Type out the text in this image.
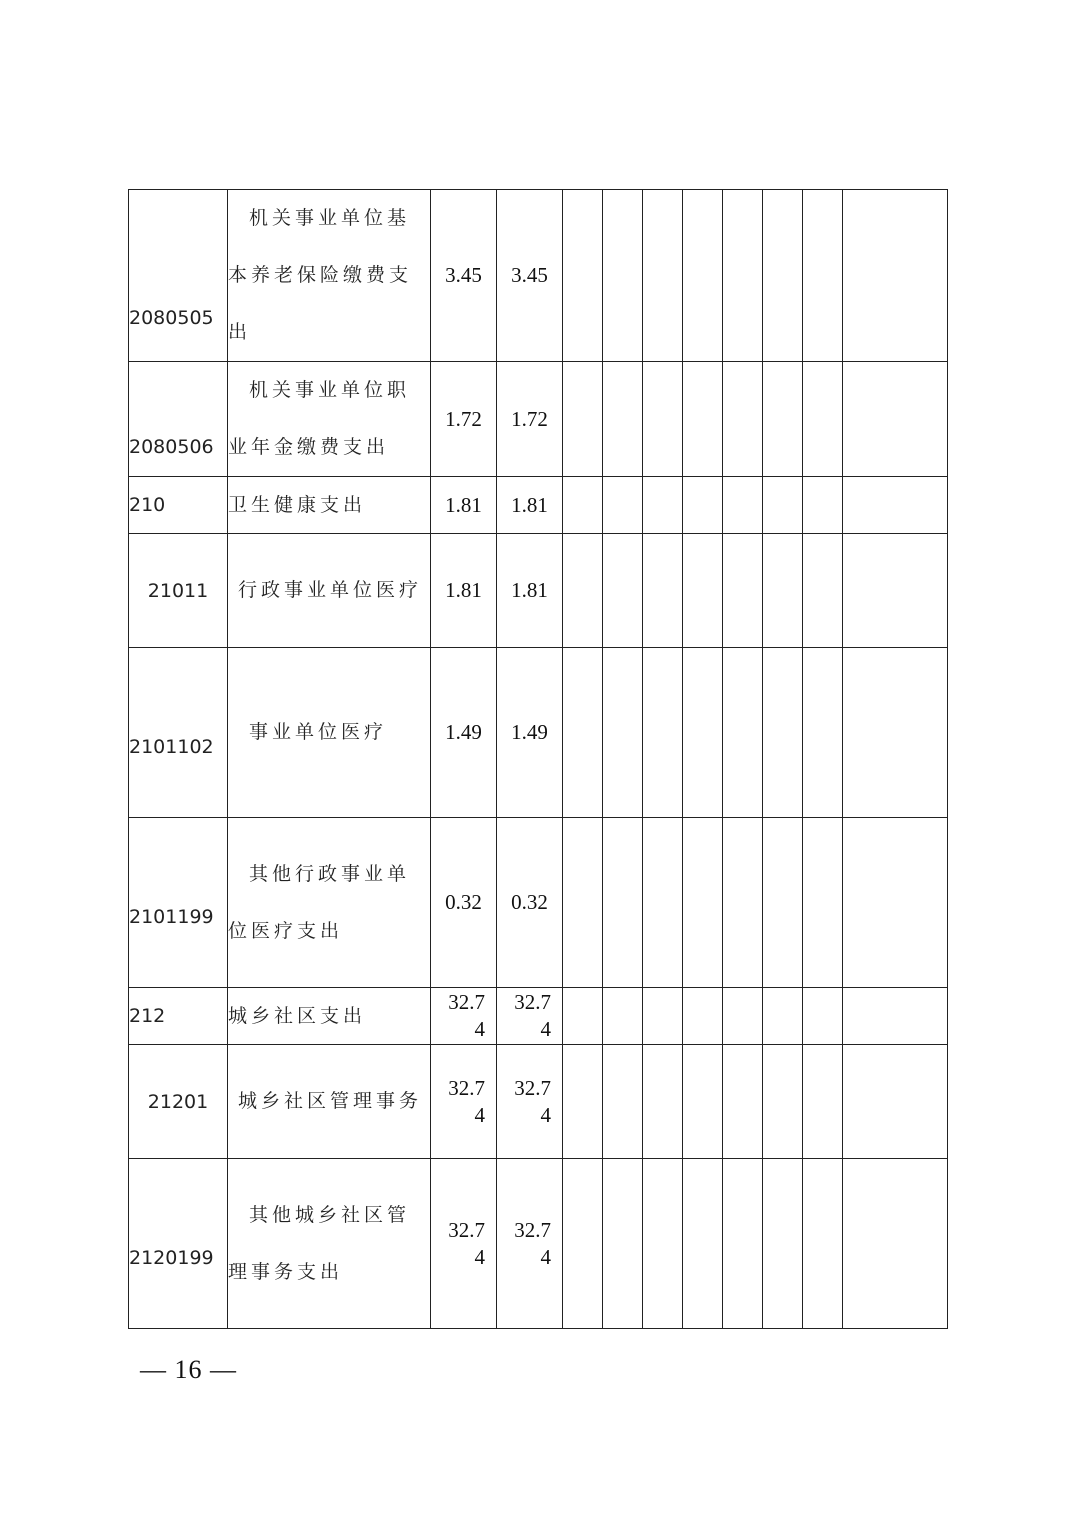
2080505	机关事业单位基本养老保险缴费支出	3.45	3.45								
2080506	机关事业单位职业年金缴费支出	1.72	1.72								
210	卫生健康支出	1.81	1.81								
21011	行政事业单位医疗	1.81	1.81								
2101102	事业单位医疗	1.49	1.49								
2101199	其他行政事业单位医疗支出	0.32	0.32								
212	城乡社区支出	32.74	32.74								
21201	城乡社区管理事务	32.74	32.74								
2120199	其他城乡社区管理事务支出	32.74	32.74								
— 16 —
